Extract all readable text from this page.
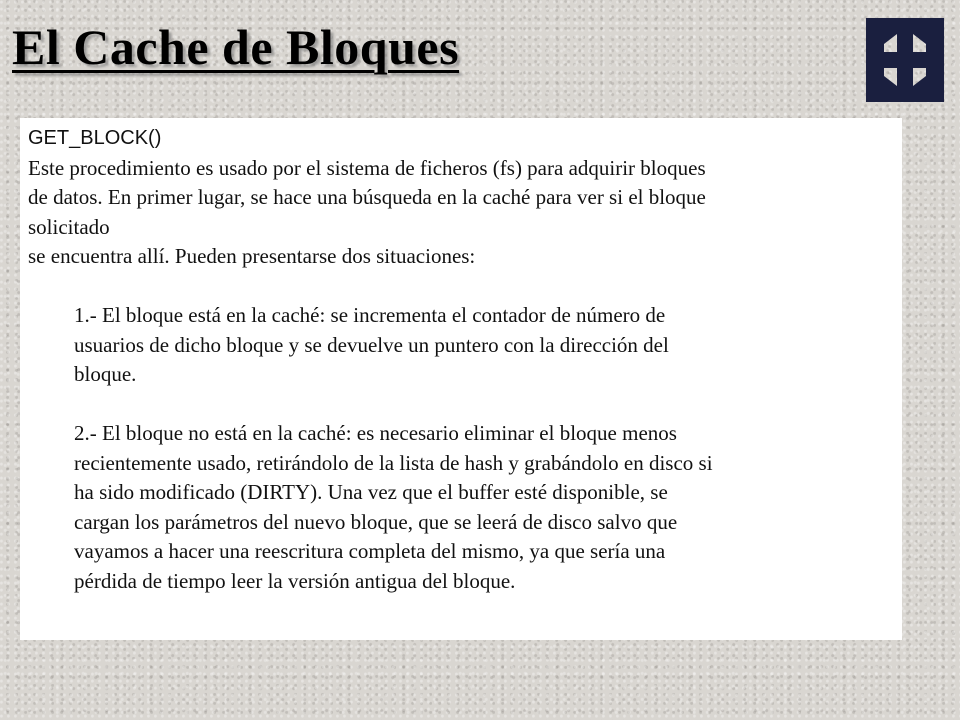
El Cache de Bloques

GET_BLOCK()

Este procedimiento es usado por el sistema de ficheros (fs) para adquirir bloques

de datos. En primer lugar, se hace una búsqueda en la caché para ver si el bloque

solicitado

se encuentra allí. Pueden presentarse dos situaciones:

1.- El bloque está en la caché: se incrementa el contador de número de

usuarios de dicho bloque y se devuelve un puntero con la dirección del

bloque.

2.- El bloque no está en la caché: es necesario eliminar el bloque menos

recientemente usado, retirándolo de la lista de hash y grabándolo en disco si

ha sido modificado (DIRTY). Una vez que el buffer esté disponible, se

cargan los parámetros del nuevo bloque, que se leerá de disco salvo que

vayamos a hacer una reescritura completa del mismo, ya que sería una

pérdida de tiempo leer la versión antigua del bloque.
